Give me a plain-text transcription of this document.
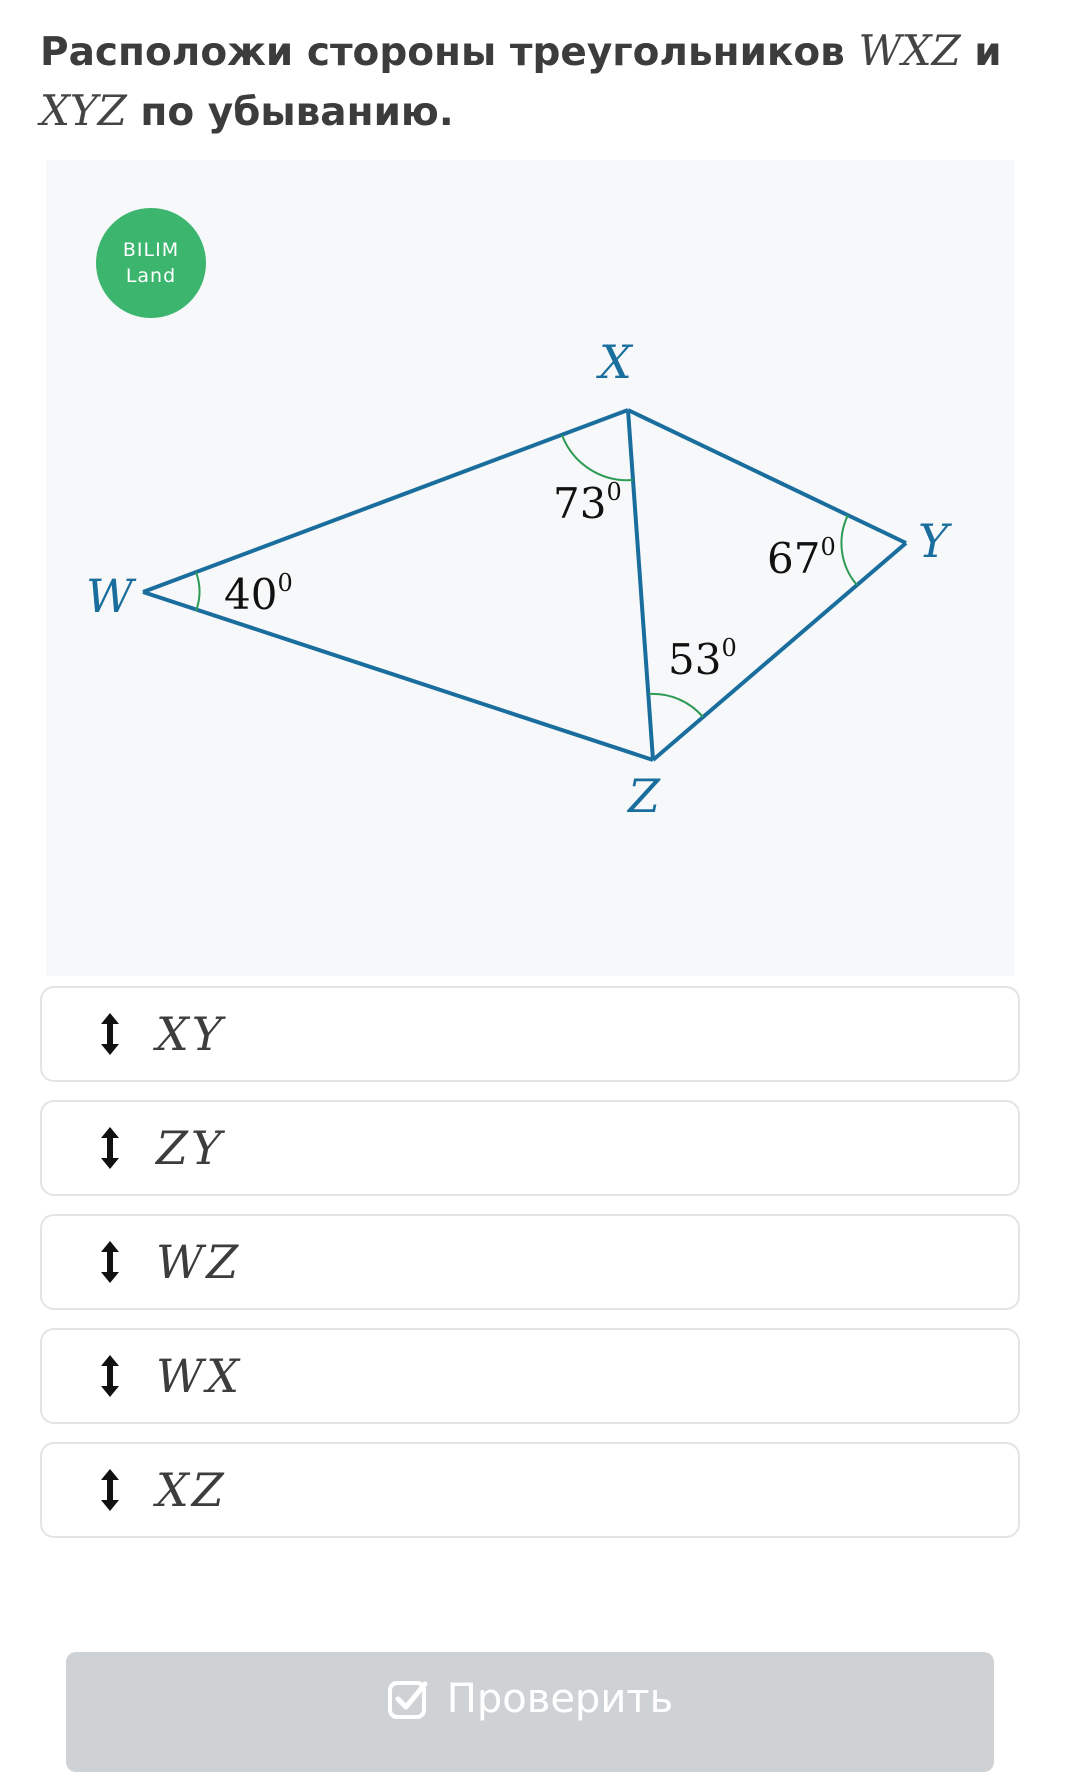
Расположи стороны треугольников WXZ и
XYZ по убыванию.
BILIM
Land
W
X
Y
Z
$40^0$
$73^0$
$67^0$
$53^0$
XY
ZY
WZ
WX
XZ
Проверить
